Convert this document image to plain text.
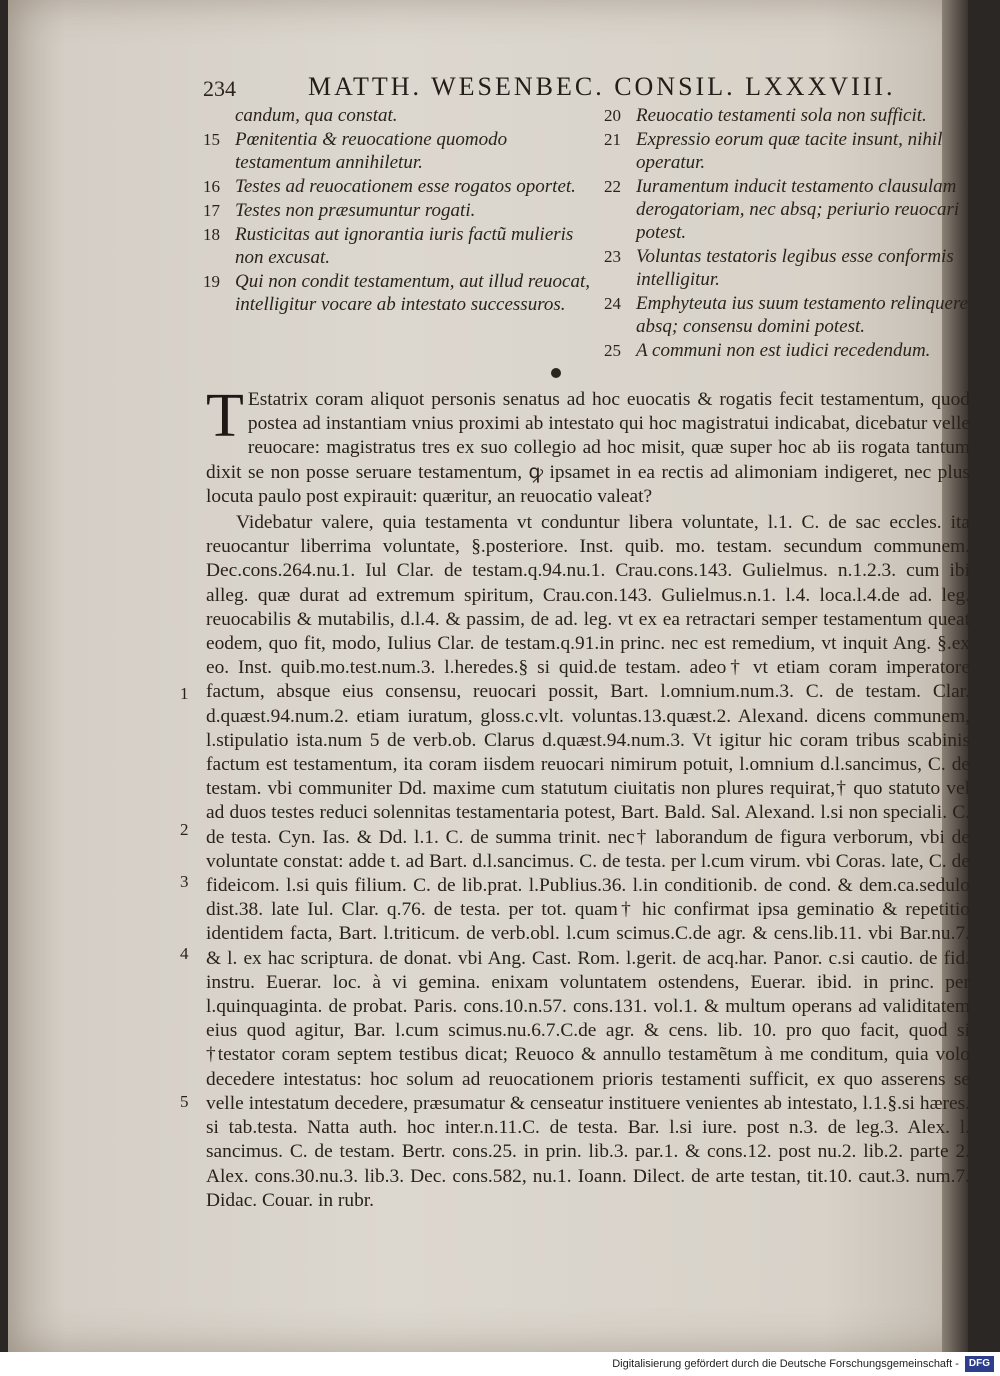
234	MATTH. WESENBEC. CONSIL. LXXXVIII.
candum, qua constat.
15 Pœnitentia & reuocatione quomodo testamentum annihiletur.
16 Testes ad reuocationem esse rogatos oportet.
17 Testes non præsumuntur rogati.
18 Rusticitas aut ignorantia iuris factũ mulieris non excusat.
19 Qui non condit testamentum, aut illud reuocat, intelligitur vocare ab intestato successuros.
20 Reuocatio testamenti sola non sufficit.
21 Expressio eorum quæ tacite insunt, nihil operatur.
22 Iuramentum inducit testamento clausulam derogatoriam, nec absq; periurio reuocari potest.
23 Voluntas testatoris legibus esse conformis intelligitur.
24 Emphyteuta ius suum testamento relinquere absq; consensu domini potest.
25 A communi non est iudici recedendum.
1
2
3
4
5

T Estatrix coram aliquot personis senatus ad hoc euocatis & rogatis fecit testamentum, quod postea ad instantiam vnius proximi ab intestato qui hoc magistratui indicabat, dicebatur velle reuocare: magistratus tres ex suo collegio ad hoc misit, quæ super hoc ab iis rogata tantum dixit se non posse seruare testamentum, ꝙ ipsamet in ea rectis ad alimoniam indigeret, nec plus locuta paulo post expirauit: quæritur, an reuocatio valeat?

Videbatur valere, quia testamenta vt conduntur libera voluntate, l.1. C. de sac eccles. ita reuocantur liberrima voluntate, §.posteriore. Inst. quib. mo. testam. secundum communem. Dec.cons.264.nu.1. Iul Clar. de testam.q.94.nu.1. Crau.cons.143. Gulielmus. n.1.2.3. cum ibi alleg. quæ durat ad extremum spiritum, Crau.con.143. Gulielmus.n.1. l.4. loca.l.4.de ad. leg. reuocabilis & mutabilis, d.l.4. & passim, de ad. leg. vt ex ea retractari semper testamentum queat eodem, quo fit, modo, Iulius Clar. de testam.q.91.in princ. nec est remedium, vt inquit Ang. §.ex eo. Inst. quib.mo.test.num.3. l.heredes.§ si quid.de testam. adeo† vt etiam coram imperatore factum, absque eius consensu, reuocari possit, Bart. l.omnium.num.3. C. de testam. Clar. d.quæst.94.num.2. etiam iuratum, gloss.c.vlt. voluntas.13.quæst.2. Alexand. dicens communem, l.stipulatio ista.num 5 de verb.ob. Clarus d.quæst.94.num.3. Vt igitur hic coram tribus scabinis factum est testamentum, ita coram iisdem reuocari nimirum potuit, l.omnium d.l.sancimus, C. de testam. vbi communiter Dd. maxime cum statutum ciuitatis non plures requirat,† quo statuto vel ad duos testes reduci solennitas testamentaria potest, Bart. Bald. Sal. Alexand. l.si non speciali. C. de testa. Cyn. Ias. & Dd. l.1. C. de summa trinit. nec† laborandum de figura verborum, vbi de voluntate constat: adde t. ad Bart. d.l.sancimus. C. de testa. per l.cum virum. vbi Coras. late, C. de fideicom. l.si quis filium. C. de lib.prat. l.Publius.36. l.in conditionib. de cond. & dem.ca.sedulo dist.38. late Iul. Clar. q.76. de testa. per tot. quam† hic confirmat ipsa geminatio & repetitio identidem facta, Bart. l.triticum. de verb.obl. l.cum scimus.C.de agr. & cens.lib.11. vbi Bar.nu.7. & l. ex hac scriptura. de donat. vbi Ang. Cast. Rom. l.gerit. de acq.har. Panor. c.si cautio. de fid. instru. Euerar. loc. à vi gemina. enixam voluntatem ostendens, Euerar. ibid. in princ. per l.quinquaginta. de probat. Paris. cons.10.n.57. cons.131. vol.1. & multum operans ad validitatem eius quod agitur, Bar. l.cum scimus.nu.6.7.C.de agr. & cens. lib. 10. pro quo facit, quod si †testator coram septem testibus dicat; Reuoco & annullo testamẽtum à me conditum, quia volo decedere intestatus: hoc solum ad reuocationem prioris testamenti sufficit, ex quo asserens se velle intestatum decedere, præsumatur & censeatur instituere venientes ab intestato, l.1.§.si hæres. si tab.testa. Natta auth. hoc inter.n.11.C. de testa. Bar. l.si iure. post n.3. de leg.3. Alex. l. sancimus. C. de testam. Bertr. cons.25. in prin. lib.3. par.1. & cons.12. post nu.2. lib.2. parte 2. Alex. cons.30.nu.3. lib.3. Dec. cons.582, nu.1. Ioann. Dilect. de arte testan, tit.10. caut.3. num.7. Didac. Couar. in rubr.

Digitalisierung gefördert durch die Deutsche Forschungsgemeinschaft - DFG
